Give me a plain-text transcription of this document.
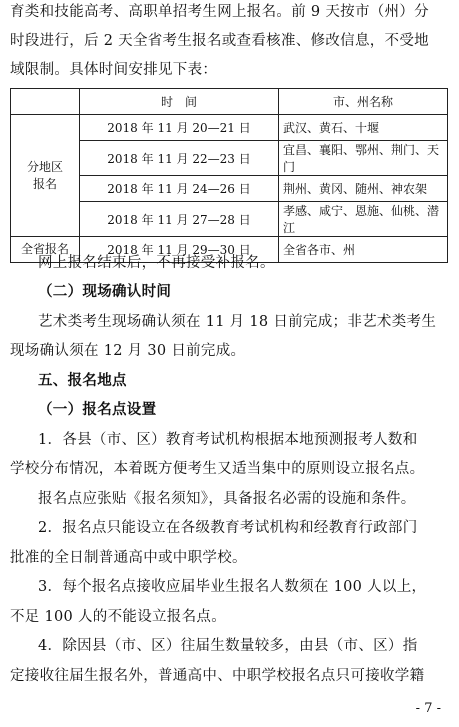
育类和技能高考、高职单招考生网上报名。前 9 天按市（州）分
时段进行，后 2 天全省考生报名或查看核准、修改信息，不受地
域限制。具体时间安排见下表：
	时　间	市、州名称
分地区
报名	2018 年 11 月 20—21 日	武汉、黄石、十堰
	2018 年 11 月 22—23 日	宜昌、襄阳、鄂州、荆门、天门
	2018 年 11 月 24—26 日	荆州、黄冈、随州、神农架
	2018 年 11 月 27—28 日	孝感、咸宁、恩施、仙桃、潜江
全省报名	2018 年 11 月 29—30 日	全省各市、州
网上报名结束后，不再接受补报名。
（二）现场确认时间
艺术类考生现场确认须在 11 月 18 日前完成；非艺术类考生
现场确认须在 12 月 30 日前完成。
五、报名地点
（一）报名点设置
1．各县（市、区）教育考试机构根据本地预测报考人数和
学校分布情况，本着既方便考生又适当集中的原则设立报名点。
报名点应张贴《报名须知》，具备报名必需的设施和条件。
2．报名点只能设立在各级教育考试机构和经教育行政部门
批准的全日制普通高中或中职学校。
3．每个报名点接收应届毕业生报名人数须在 100 人以上，
不足 100 人的不能设立报名点。
4．除因县（市、区）往届生数量较多，由县（市、区）指
定接收往届生报名外，普通高中、中职学校报名点只可接收学籍
- 7 -
